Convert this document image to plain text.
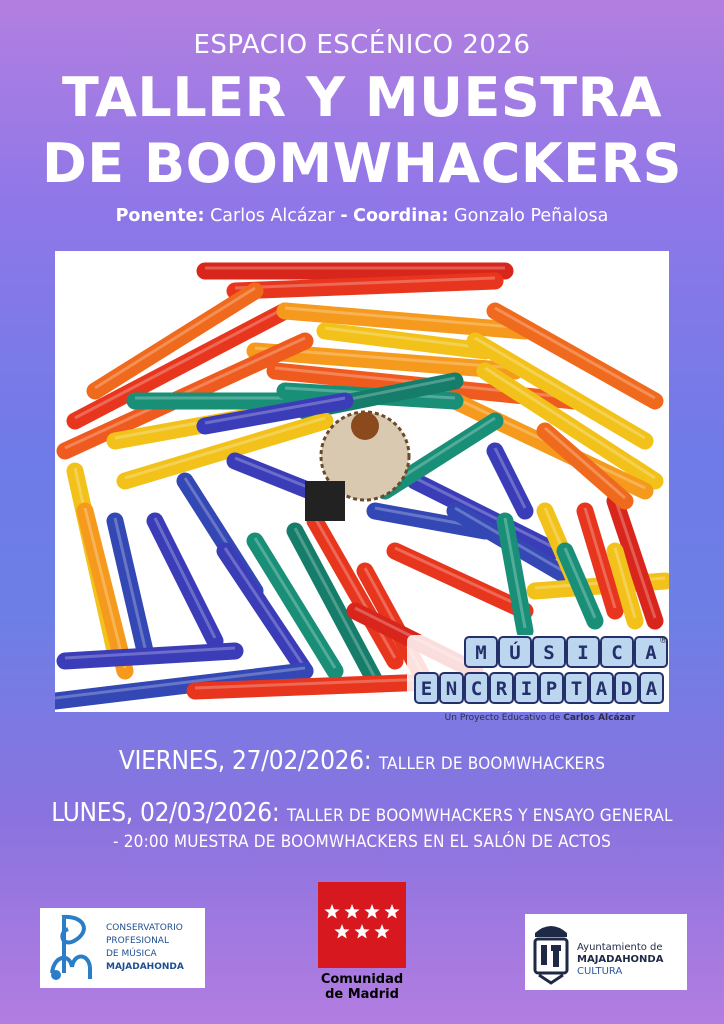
ESPACIO ESCÉNICO 2026
TALLER Y MUESTRA
DE BOOMWHACKERS
Ponente: Carlos Alcázar - Coordina: Gonzalo Peñalosa
M Ú S I C A
E N C R I P T A D A
®
Un Proyecto Educativo de Carlos Alcázar
VIERNES, 27/02/2026: TALLER DE BOOMWHACKERS
LUNES, 02/03/2026: TALLER DE BOOMWHACKERS Y ENSAYO GENERAL
- 20:00 MUESTRA DE BOOMWHACKERS EN EL SALÓN DE ACTOS
CONSERVATORIO
PROFESIONAL
DE MÚSICA
MAJADAHONDA
Comunidad
de Madrid
Ayuntamiento de
MAJADAHONDA
CULTURA
